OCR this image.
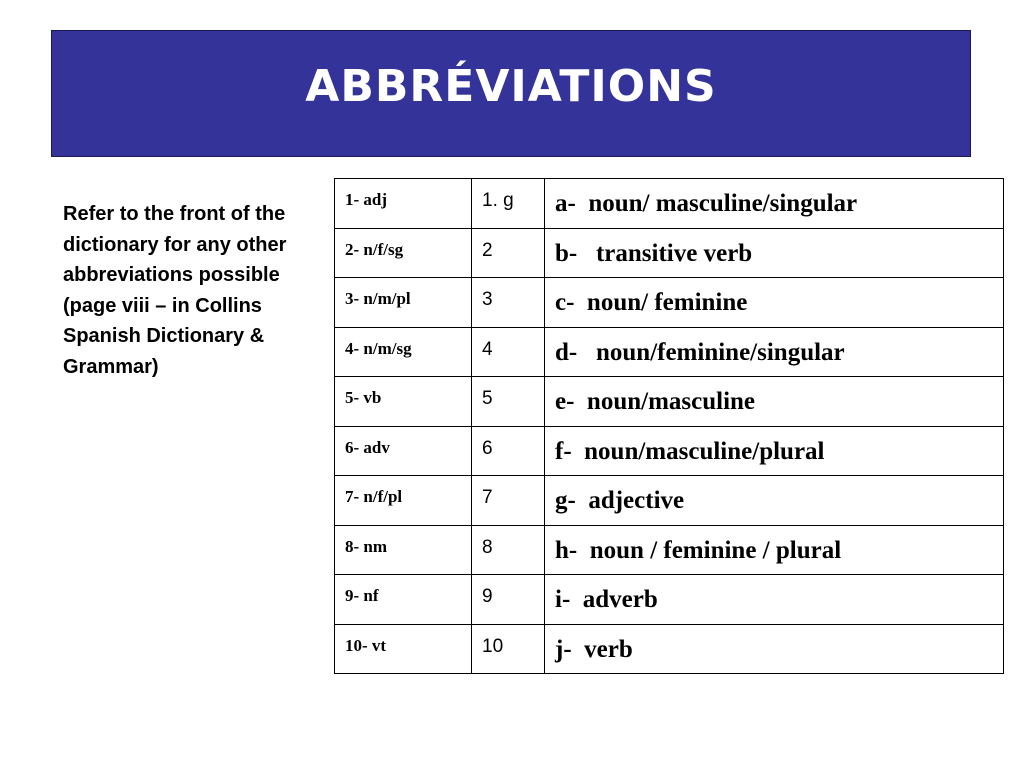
ABBRÉVIATIONS
Refer to the front of the dictionary for any other abbreviations possible (page viii – in Collins Spanish Dictionary & Grammar)
1- adj	1. g	a-  noun/ masculine/singular
2- n/f/sg	2	b-   transitive verb
3- n/m/pl	3	c-  noun/ feminine
4- n/m/sg	4	d-   noun/feminine/singular
5- vb	5	e-  noun/masculine
6- adv	6	f-  noun/masculine/plural
7- n/f/pl	7	g-  adjective
8- nm	8	h-  noun / feminine / plural
9- nf	9	i-  adverb
10- vt	10	j-  verb
